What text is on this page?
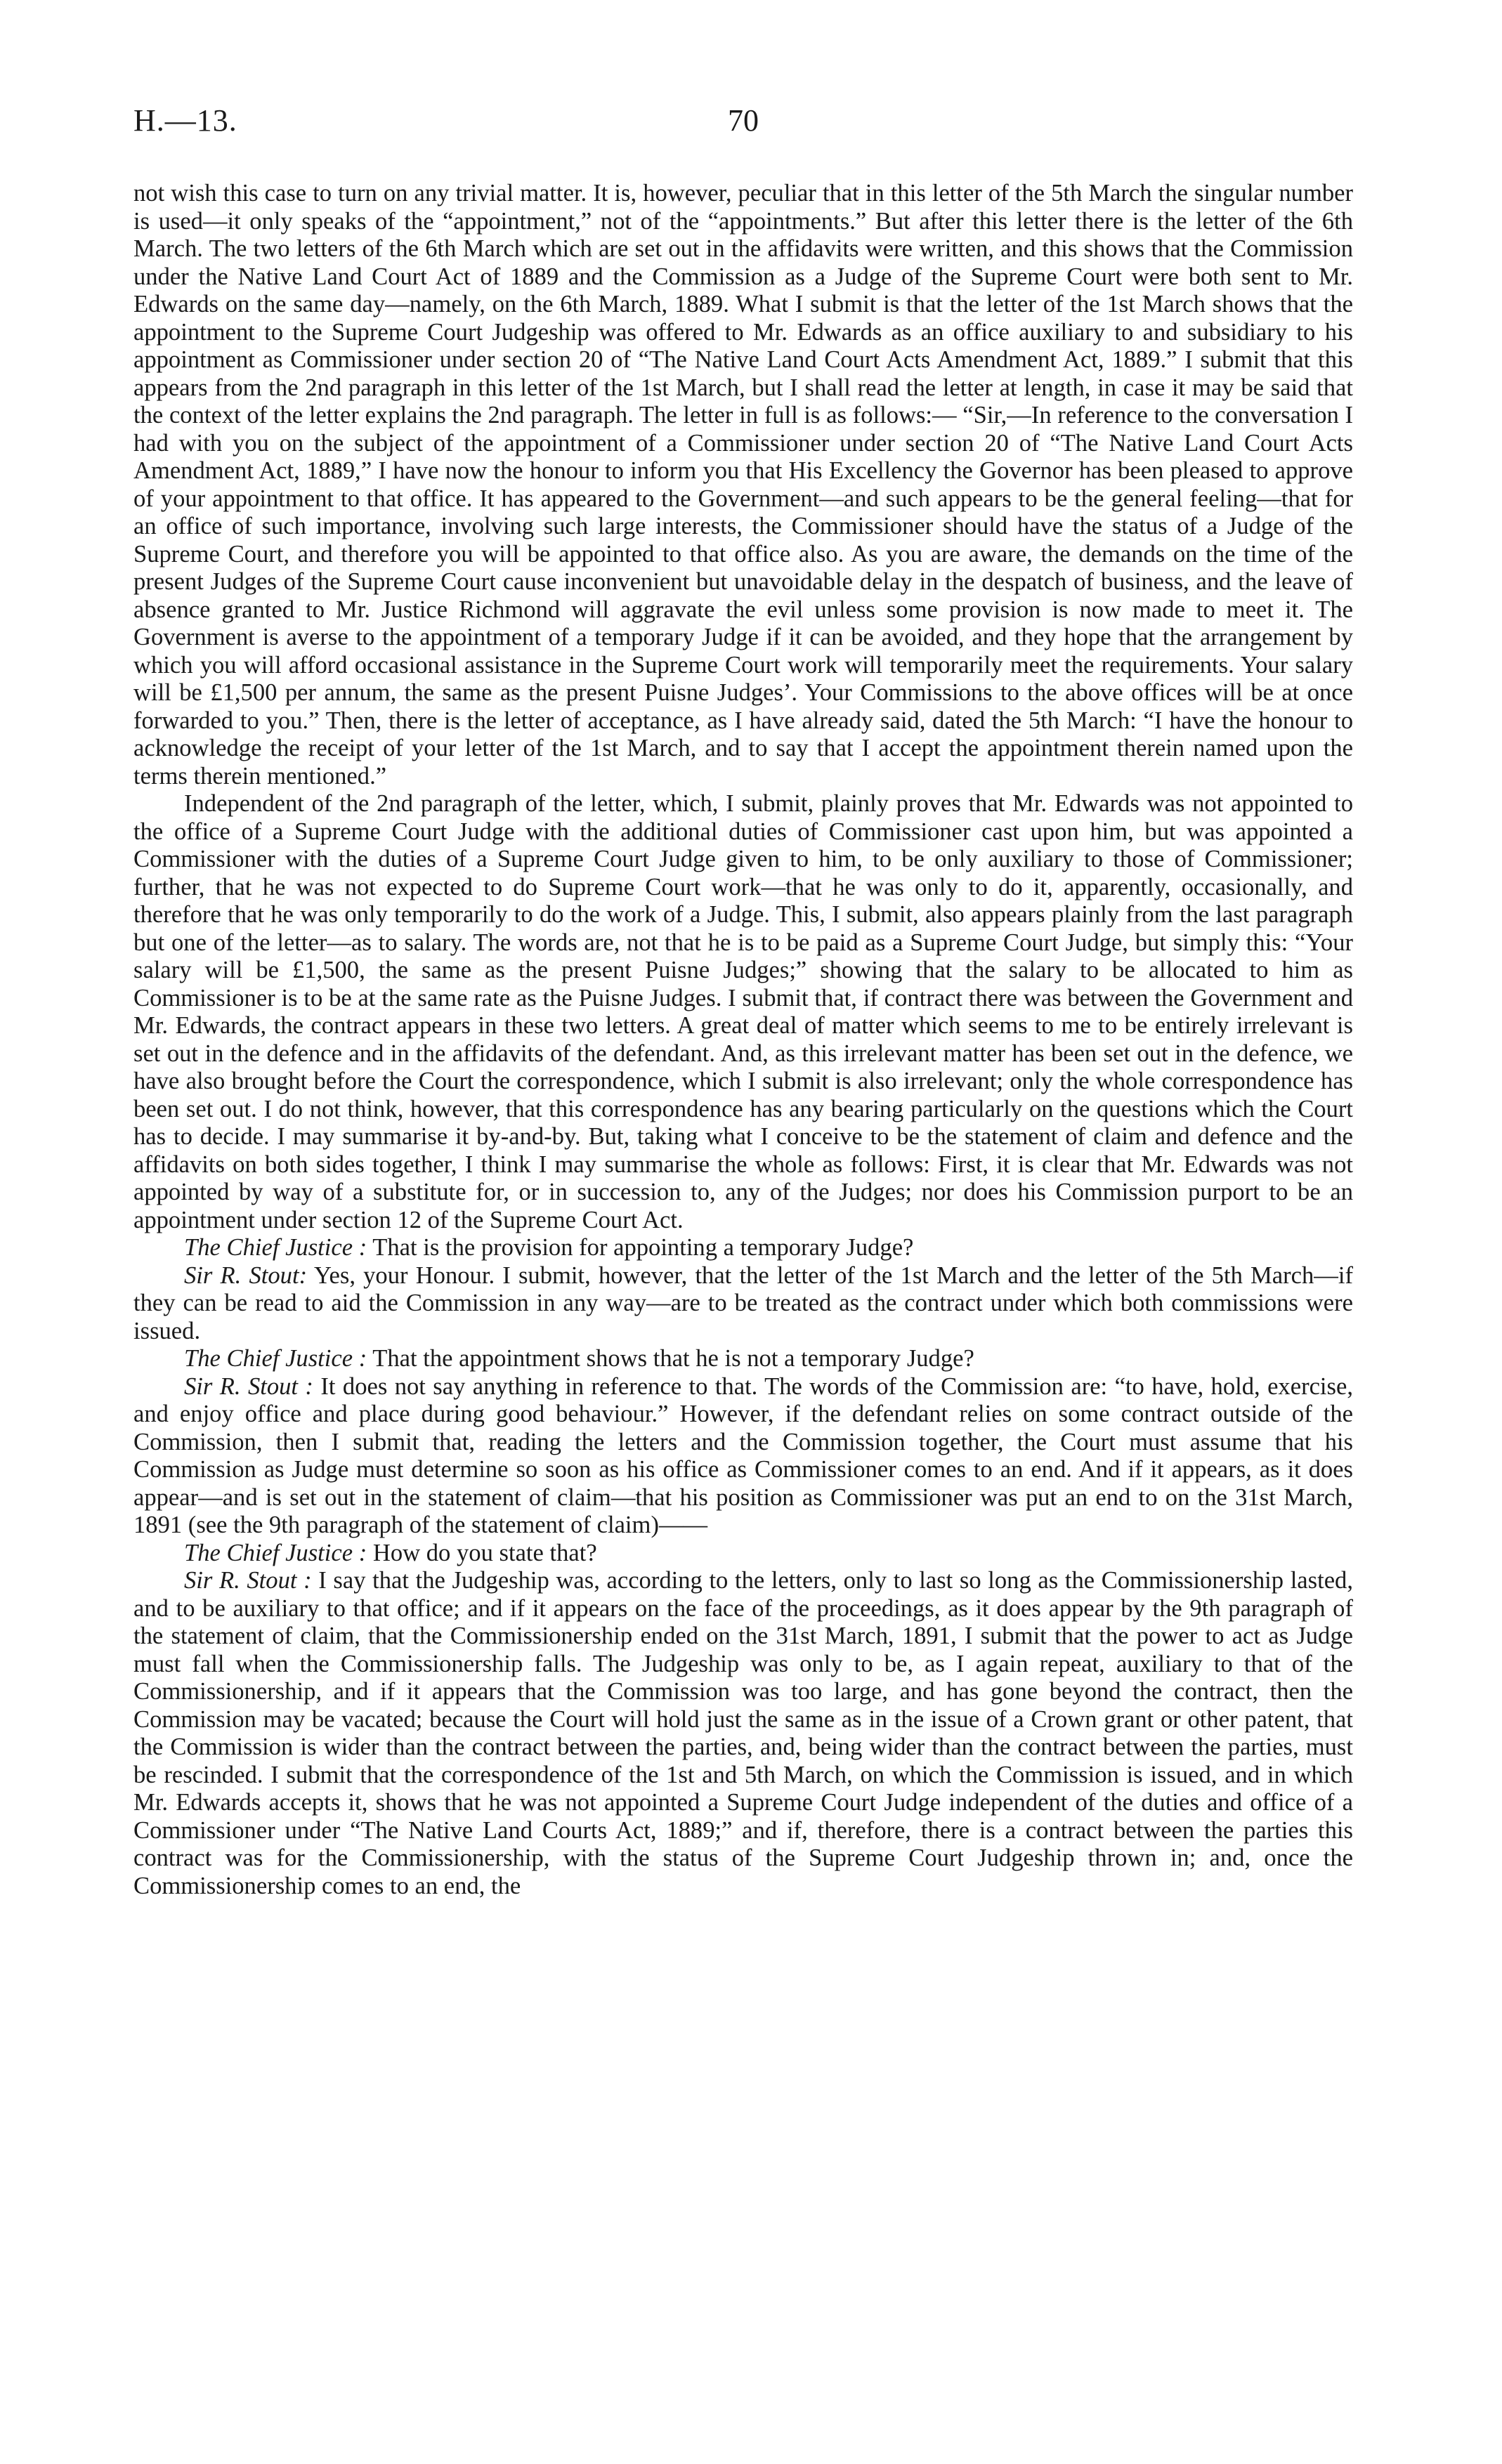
H.—13.	70

not wish this case to turn on any trivial matter. It is, however, peculiar that in this letter of the 5th March the singular number is used—it only speaks of the “appointment,” not of the “appointments.” But after this letter there is the letter of the 6th March. The two letters of the 6th March which are set out in the affidavits were written, and this shows that the Commission under the Native Land Court Act of 1889 and the Commission as a Judge of the Supreme Court were both sent to Mr. Edwards on the same day—namely, on the 6th March, 1889. What I submit is that the letter of the 1st March shows that the appointment to the Supreme Court Judgeship was offered to Mr. Edwards as an office auxiliary to and subsidiary to his appointment as Commissioner under section 20 of “The Native Land Court Acts Amendment Act, 1889.” I submit that this appears from the 2nd paragraph in this letter of the 1st March, but I shall read the letter at length, in case it may be said that the context of the letter explains the 2nd paragraph. The letter in full is as follows:— “Sir,—In reference to the conversation I had with you on the subject of the appointment of a Commissioner under section 20 of “The Native Land Court Acts Amendment Act, 1889,” I have now the honour to inform you that His Excellency the Governor has been pleased to approve of your appointment to that office. It has appeared to the Government—and such appears to be the general feeling—that for an office of such importance, involving such large interests, the Commissioner should have the status of a Judge of the Supreme Court, and therefore you will be appointed to that office also. As you are aware, the demands on the time of the present Judges of the Supreme Court cause inconvenient but unavoidable delay in the despatch of business, and the leave of absence granted to Mr. Justice Richmond will aggravate the evil unless some provision is now made to meet it. The Government is averse to the appointment of a temporary Judge if it can be avoided, and they hope that the arrangement by which you will afford occasional assistance in the Supreme Court work will temporarily meet the requirements. Your salary will be £1,500 per annum, the same as the present Puisne Judges’. Your Commissions to the above offices will be at once forwarded to you.” Then, there is the letter of acceptance, as I have already said, dated the 5th March: “I have the honour to acknowledge the receipt of your letter of the 1st March, and to say that I accept the appointment therein named upon the terms therein mentioned.”

Independent of the 2nd paragraph of the letter, which, I submit, plainly proves that Mr. Edwards was not appointed to the office of a Supreme Court Judge with the additional duties of Commissioner cast upon him, but was appointed a Commissioner with the duties of a Supreme Court Judge given to him, to be only auxiliary to those of Commissioner; further, that he was not expected to do Supreme Court work—that he was only to do it, apparently, occasionally, and therefore that he was only temporarily to do the work of a Judge. This, I submit, also appears plainly from the last paragraph but one of the letter—as to salary. The words are, not that he is to be paid as a Supreme Court Judge, but simply this: “Your salary will be £1,500, the same as the present Puisne Judges;” showing that the salary to be allocated to him as Commissioner is to be at the same rate as the Puisne Judges. I submit that, if contract there was between the Government and Mr. Edwards, the contract appears in these two letters. A great deal of matter which seems to me to be entirely irrelevant is set out in the defence and in the affidavits of the defendant. And, as this irrelevant matter has been set out in the defence, we have also brought before the Court the correspondence, which I submit is also irrelevant; only the whole correspondence has been set out. I do not think, however, that this correspondence has any bearing particularly on the questions which the Court has to decide. I may summarise it by-and-by. But, taking what I conceive to be the statement of claim and defence and the affidavits on both sides together, I think I may summarise the whole as follows: First, it is clear that Mr. Edwards was not appointed by way of a substitute for, or in succession to, any of the Judges; nor does his Commission purport to be an appointment under section 12 of the Supreme Court Act.

The Chief Justice : That is the provision for appointing a temporary Judge?

Sir R. Stout: Yes, your Honour. I submit, however, that the letter of the 1st March and the letter of the 5th March—if they can be read to aid the Commission in any way—are to be treated as the contract under which both commissions were issued.

The Chief Justice : That the appointment shows that he is not a temporary Judge?

Sir R. Stout : It does not say anything in reference to that. The words of the Commission are: “to have, hold, exercise, and enjoy office and place during good behaviour.” However, if the defendant relies on some contract outside of the Commission, then I submit that, reading the letters and the Commission together, the Court must assume that his Commission as Judge must determine so soon as his office as Commissioner comes to an end. And if it appears, as it does appear—and is set out in the statement of claim—that his position as Commissioner was put an end to on the 31st March, 1891 (see the 9th paragraph of the statement of claim)——

The Chief Justice : How do you state that?

Sir R. Stout : I say that the Judgeship was, according to the letters, only to last so long as the Commissionership lasted, and to be auxiliary to that office; and if it appears on the face of the proceedings, as it does appear by the 9th paragraph of the statement of claim, that the Commissionership ended on the 31st March, 1891, I submit that the power to act as Judge must fall when the Commissionership falls. The Judgeship was only to be, as I again repeat, auxiliary to that of the Commissionership, and if it appears that the Commission was too large, and has gone beyond the contract, then the Commission may be vacated; because the Court will hold just the same as in the issue of a Crown grant or other patent, that the Commission is wider than the contract between the parties, and, being wider than the contract between the parties, must be rescinded. I submit that the correspondence of the 1st and 5th March, on which the Commission is issued, and in which Mr. Edwards accepts it, shows that he was not appointed a Supreme Court Judge independent of the duties and office of a Commissioner under “The Native Land Courts Act, 1889;” and if, therefore, there is a contract between the parties this contract was for the Commissionership, with the status of the Supreme Court Judgeship thrown in; and, once the Commissionership comes to an end, the
